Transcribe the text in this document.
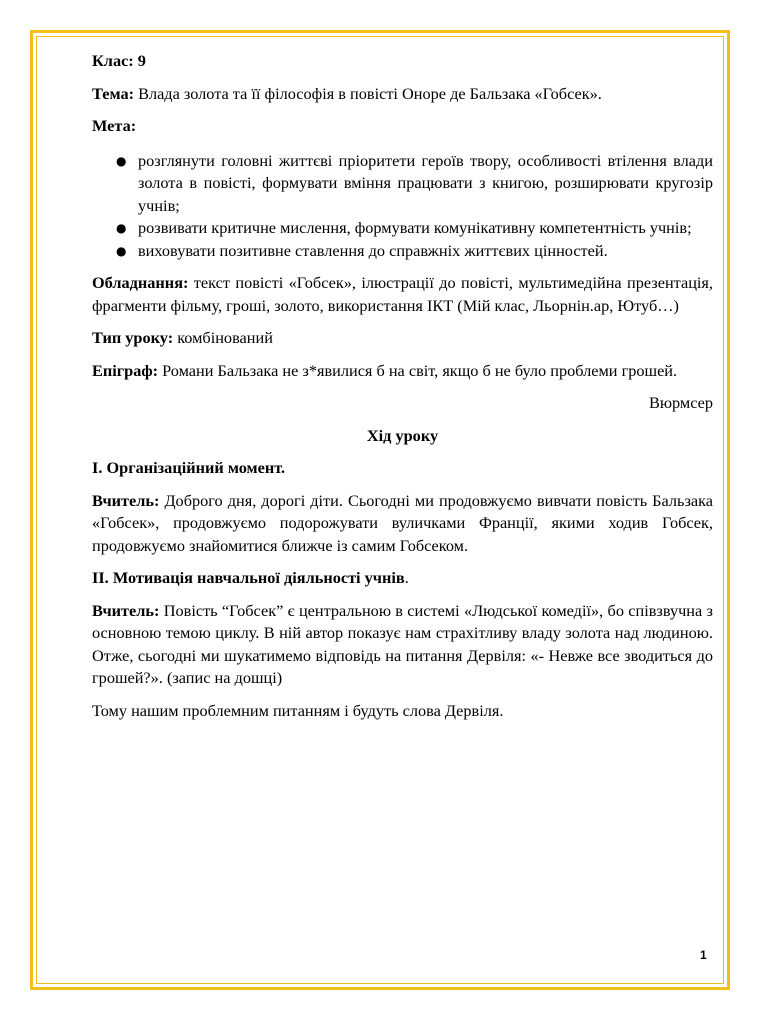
Клас: 9

Тема: Влада золота та її філософія в повісті Оноре де Бальзака «Гобсек».

Мета:

● розглянути головні життєві пріоритети героїв твору, особливості втілення влади золота в повісті, формувати вміння працювати з книгою, розширювати кругозір учнів;
● розвивати критичне мислення, формувати комунікативну компетентність учнів;
● виховувати позитивне ставлення до справжніх життєвих цінностей.

Обладнання: текст повісті «Гобсек», ілюстрації до повісті, мультимедійна презентація, фрагменти фільму, гроші, золото, використання ІКТ (Мій клас, Льорнін.ар, Ютуб…)

Тип уроку: комбінований

Епіграф: Романи Бальзака не з*явилися б на світ, якщо б не було проблеми грошей.

Вюрмсер

Хід уроку

I. Організаційний момент.

Вчитель: Доброго дня, дорогі діти. Сьогодні ми продовжуємо вивчати повість Бальзака «Гобсек», продовжуємо подорожувати вуличками Франції, якими ходив Гобсек, продовжуємо знайомитися ближче із самим Гобсеком.

II. Мотивація навчальної діяльності учнів.

Вчитель: Повість “Гобсек” є центральною в системі «Людської комедії», бо співзвучна з основною темою циклу. В ній автор показує нам страхітливу владу золота над людиною. Отже, сьогодні ми шукатимемо відповідь на питання Дервіля: «- Невже все зводиться до грошей?». (запис на дошці)

Тому нашим проблемним питанням і будуть слова Дервіля.

1
